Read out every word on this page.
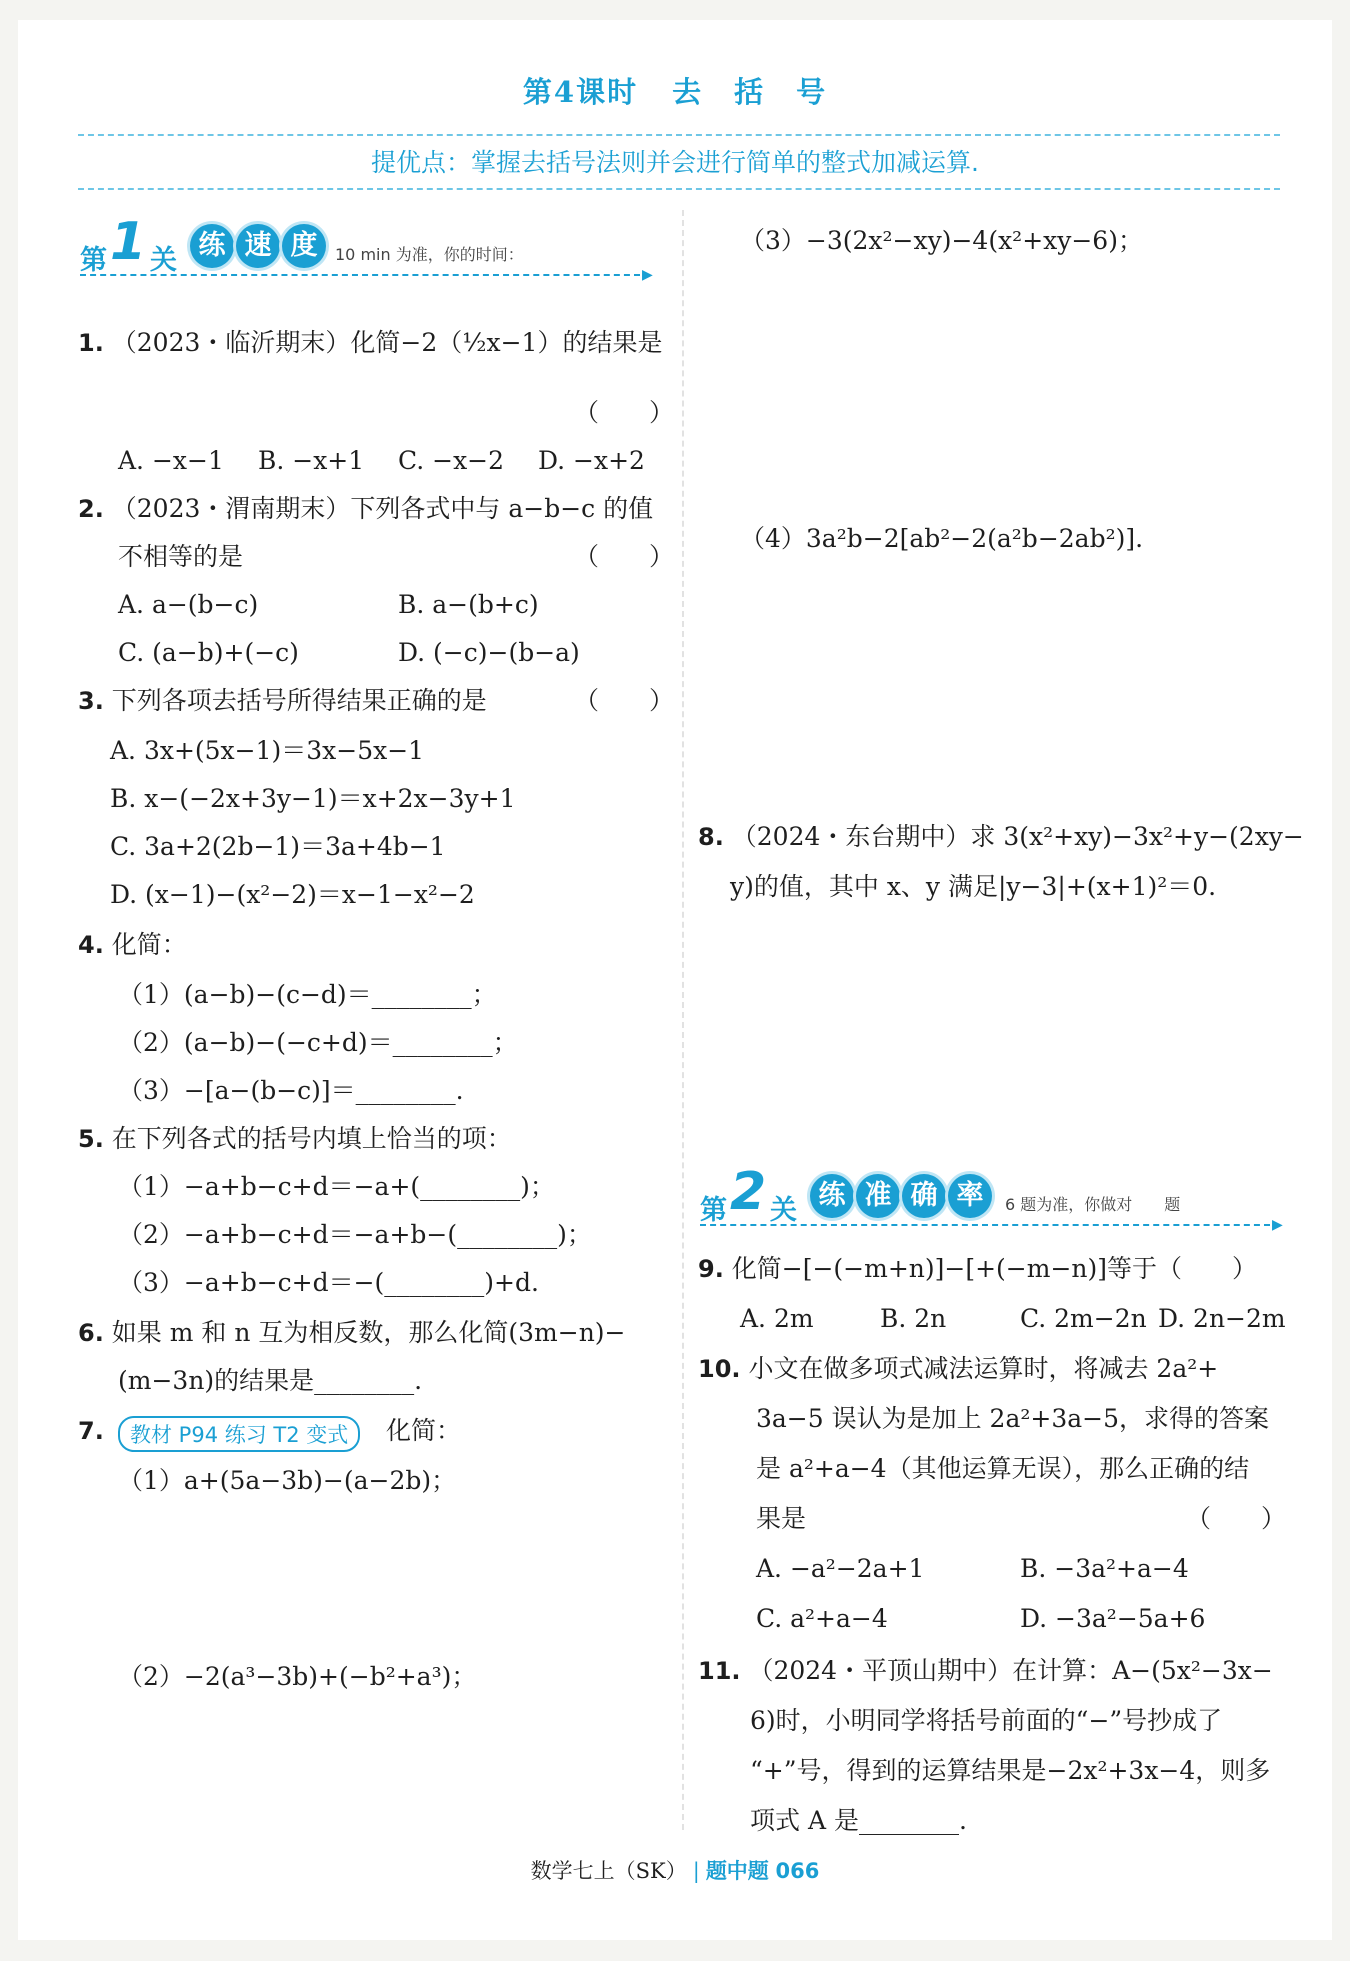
第4课时 去　括　号
提优点：掌握去括号法则并会进行简单的整式加减运算.
第 1 关 练 速 度	10 min 为准，你的时间：
▶
第 2 关 练 准 确 率	6 题为准，你做对　　题
▶
1. （2023・临沂期末）化简−2（½x−1）的结果是
（　　）
A. −x−1 B. −x+1 C. −x−2 D. −x+2
2. （2023・渭南期末）下列各式中与 a−b−c 的值
不相等的是	（　　）
A. a−(b−c)	B. a−(b+c)
C. (a−b)+(−c)	D. (−c)−(b−a)
3. 下列各项去括号所得结果正确的是	（　　）
A. 3x+(5x−1)＝3x−5x−1
B. x−(−2x+3y−1)＝x+2x−3y+1
C. 3a+2(2b−1)＝3a+4b−1
D. (x−1)−(x²−2)＝x−1−x²−2
4. 化简：
（1）(a−b)−(c−d)＝________；
（2）(a−b)−(−c+d)＝________；
（3）−[a−(b−c)]＝________.
5. 在下列各式的括号内填上恰当的项：
（1）−a+b−c+d＝−a+(________)；
（2）−a+b−c+d＝−a+b−(________)；
（3）−a+b−c+d＝−(________)+d.
6. 如果 m 和 n 互为相反数，那么化简(3m−n)−
(m−3n)的结果是________.
7.	教材 P94 练习 T2 变式	化简：
（1）a+(5a−3b)−(a−2b)；
（2）−2(a³−3b)+(−b²+a³)；
（3）−3(2x²−xy)−4(x²+xy−6)；
（4）3a²b−2[ab²−2(a²b−2ab²)].
8. （2024・东台期中）求 3(x²+xy)−3x²+y−(2xy−
y)的值，其中 x、y 满足|y−3|+(x+1)²＝0.
9. 化简−[−(−m+n)]−[+(−m−n)]等于（　　）
A. 2m	B. 2n	C. 2m−2n D. 2n−2m
10. 小文在做多项式减法运算时，将减去 2a²+
3a−5 误认为是加上 2a²+3a−5，求得的答案
是 a²+a−4（其他运算无误），那么正确的结
果是	（　　）
A. −a²−2a+1	B. −3a²+a−4
C. a²+a−4	D. −3a²−5a+6
11. （2024・平顶山期中）在计算：A−(5x²−3x−
6)时，小明同学将括号前面的“−”号抄成了
“+”号，得到的运算结果是−2x²+3x−4，则多
项式 A 是________.
数学七上（SK） | 题中题 066
